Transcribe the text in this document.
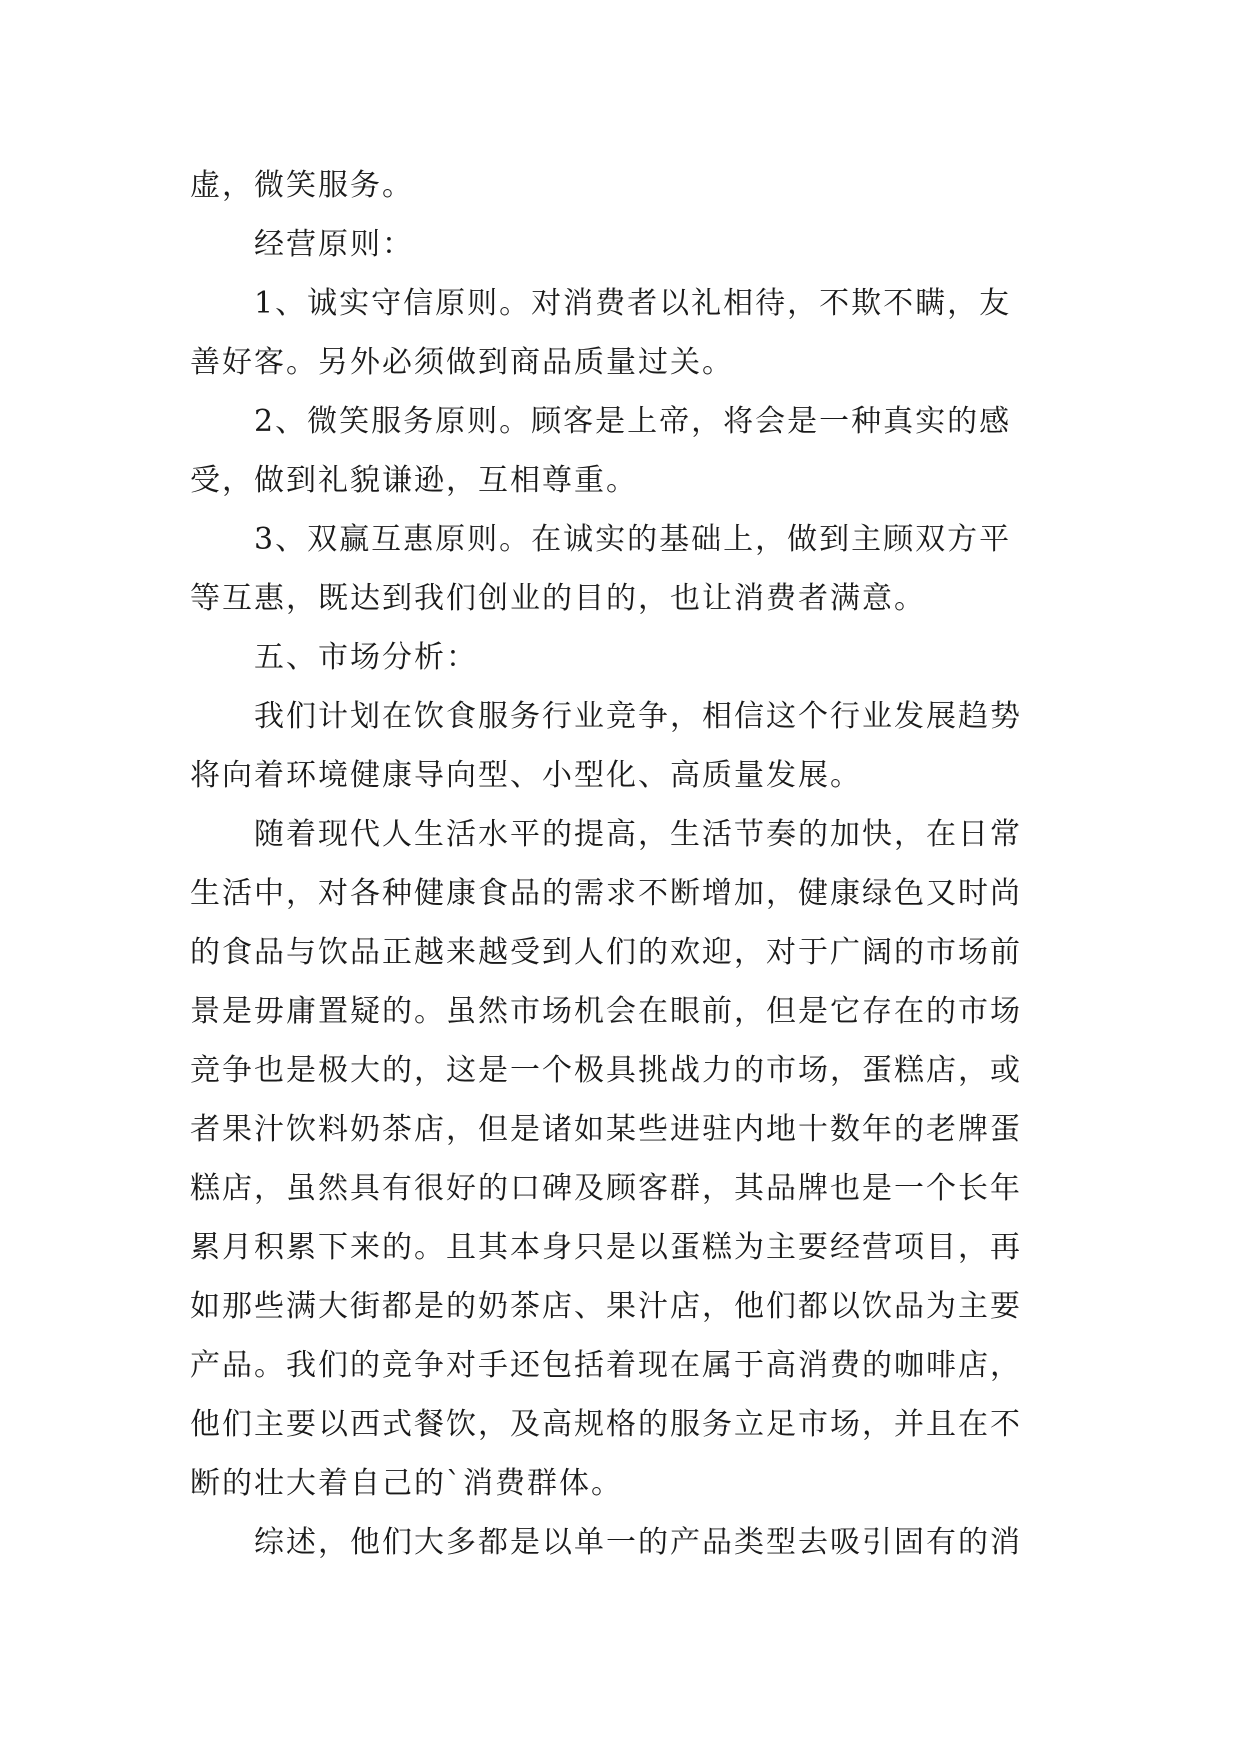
虚，微笑服务。
经营原则：
1、诚实守信原则。对消费者以礼相待，不欺不瞒，友
善好客。另外必须做到商品质量过关。
2、微笑服务原则。顾客是上帝，将会是一种真实的感
受，做到礼貌谦逊，互相尊重。
3、双赢互惠原则。在诚实的基础上，做到主顾双方平
等互惠，既达到我们创业的目的，也让消费者满意。
五、市场分析：
我们计划在饮食服务行业竞争，相信这个行业发展趋势
将向着环境健康导向型、小型化、高质量发展。
随着现代人生活水平的提高，生活节奏的加快，在日常
生活中，对各种健康食品的需求不断增加，健康绿色又时尚
的食品与饮品正越来越受到人们的欢迎，对于广阔的市场前
景是毋庸置疑的。虽然市场机会在眼前，但是它存在的市场
竞争也是极大的，这是一个极具挑战力的市场，蛋糕店，或
者果汁饮料奶茶店，但是诸如某些进驻内地十数年的老牌蛋
糕店，虽然具有很好的口碑及顾客群，其品牌也是一个长年
累月积累下来的。且其本身只是以蛋糕为主要经营项目，再
如那些满大街都是的奶茶店、果汁店，他们都以饮品为主要
产品。我们的竞争对手还包括着现在属于高消费的咖啡店，
他们主要以西式餐饮，及高规格的服务立足市场，并且在不
断的壮大着自己的`消费群体。
综述，他们大多都是以单一的产品类型去吸引固有的消
